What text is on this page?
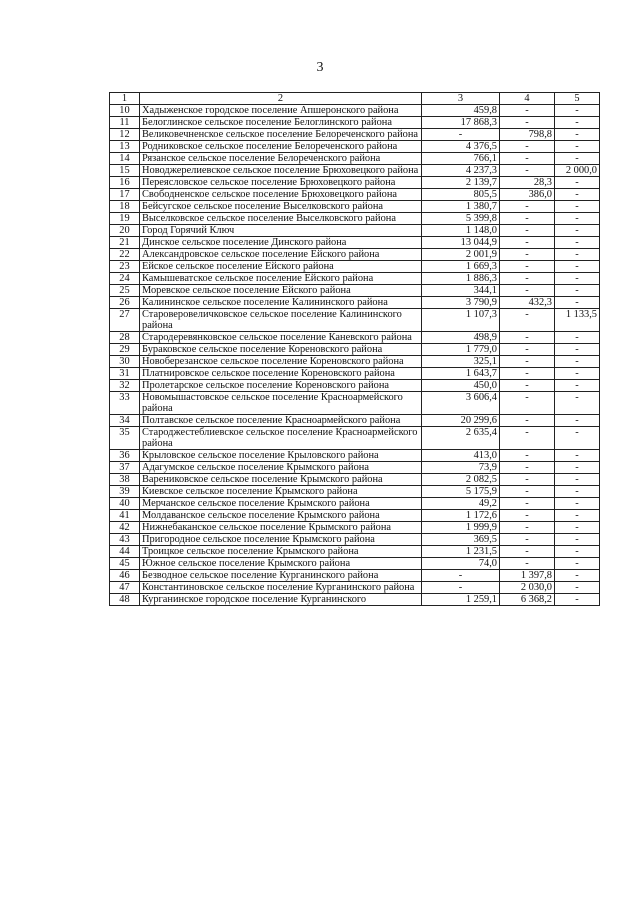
3
1	2	3	4	5
10	Хадыженское городское поселение Апшеронского района	459,8	-	-
11	Белоглинское сельское поселение Белоглинского района	17 868,3	-	-
12	Великовечненское сельское поселение Белореченского района	-	798,8	-
13	Родниковское сельское поселение Белореченского района	4 376,5	-	-
14	Рязанское сельское поселение Белореченского района	766,1	-	-
15	Новоджерелиевское сельское поселение Брюховецкого района	4 237,3	-	2 000,0
16	Переясловское сельское поселение Брюховецкого района	2 139,7	28,3	-
17	Свободненское сельское поселение Брюховецкого района	805,5	386,0	-
18	Бейсугское сельское поселение Выселковского района	1 380,7	-	-
19	Выселковское сельское поселение Выселковского района	5 399,8	-	-
20	Город Горячий Ключ	1 148,0	-	-
21	Динское сельское поселение Динского района	13 044,9	-	-
22	Александровское сельское поселение Ейского района	2 001,9	-	-
23	Ейское сельское поселение Ейского района	1 669,3	-	-
24	Камышеватское сельское поселение Ейского района	1 886,3	-	-
25	Моревское сельское поселение Ейского района	344,1	-	-
26	Калининское сельское поселение Калининского района	3 790,9	432,3	-
27	Староверовеличковское сельское поселение Калининского района	1 107,3	-	1 133,5
28	Стародеревянковское сельское поселение Каневского района	498,9	-	-
29	Бураковское сельское поселение Кореновского района	1 779,0	-	-
30	Новоберезанское сельское поселение Кореновского района	325,1	-	-
31	Платнировское сельское поселение Кореновского района	1 643,7	-	-
32	Пролетарское сельское поселение Кореновского района	450,0	-	-
33	Новомышастовское сельское поселение Красноармейского района	3 606,4	-	-
34	Полтавское сельское поселение Красноармейского района	20 299,6	-	-
35	Староджестеблиевское сельское поселение Красноармейского района	2 635,4	-	-
36	Крыловское сельское поселение Крыловского района	413,0	-	-
37	Адагумское сельское поселение Крымского района	73,9	-	-
38	Варениковское сельское поселение Крымского района	2 082,5	-	-
39	Киевское сельское поселение Крымского района	5 175,9	-	-
40	Мерчанское сельское поселение Крымского района	49,2	-	-
41	Молдаванское сельское поселение Крымского района	1 172,6	-	-
42	Нижнебаканское сельское поселение Крымского района	1 999,9	-	-
43	Пригородное сельское поселение Крымского района	369,5	-	-
44	Троицкое сельское поселение Крымского района	1 231,5	-	-
45	Южное сельское поселение Крымского района	74,0	-	-
46	Безводное сельское поселение Курганинского района	-	1 397,8	-
47	Константиновское сельское поселение Курганинского района	-	2 030,0	-
48	Курганинское городское поселение Курганинского	1 259,1	6 368,2	-
